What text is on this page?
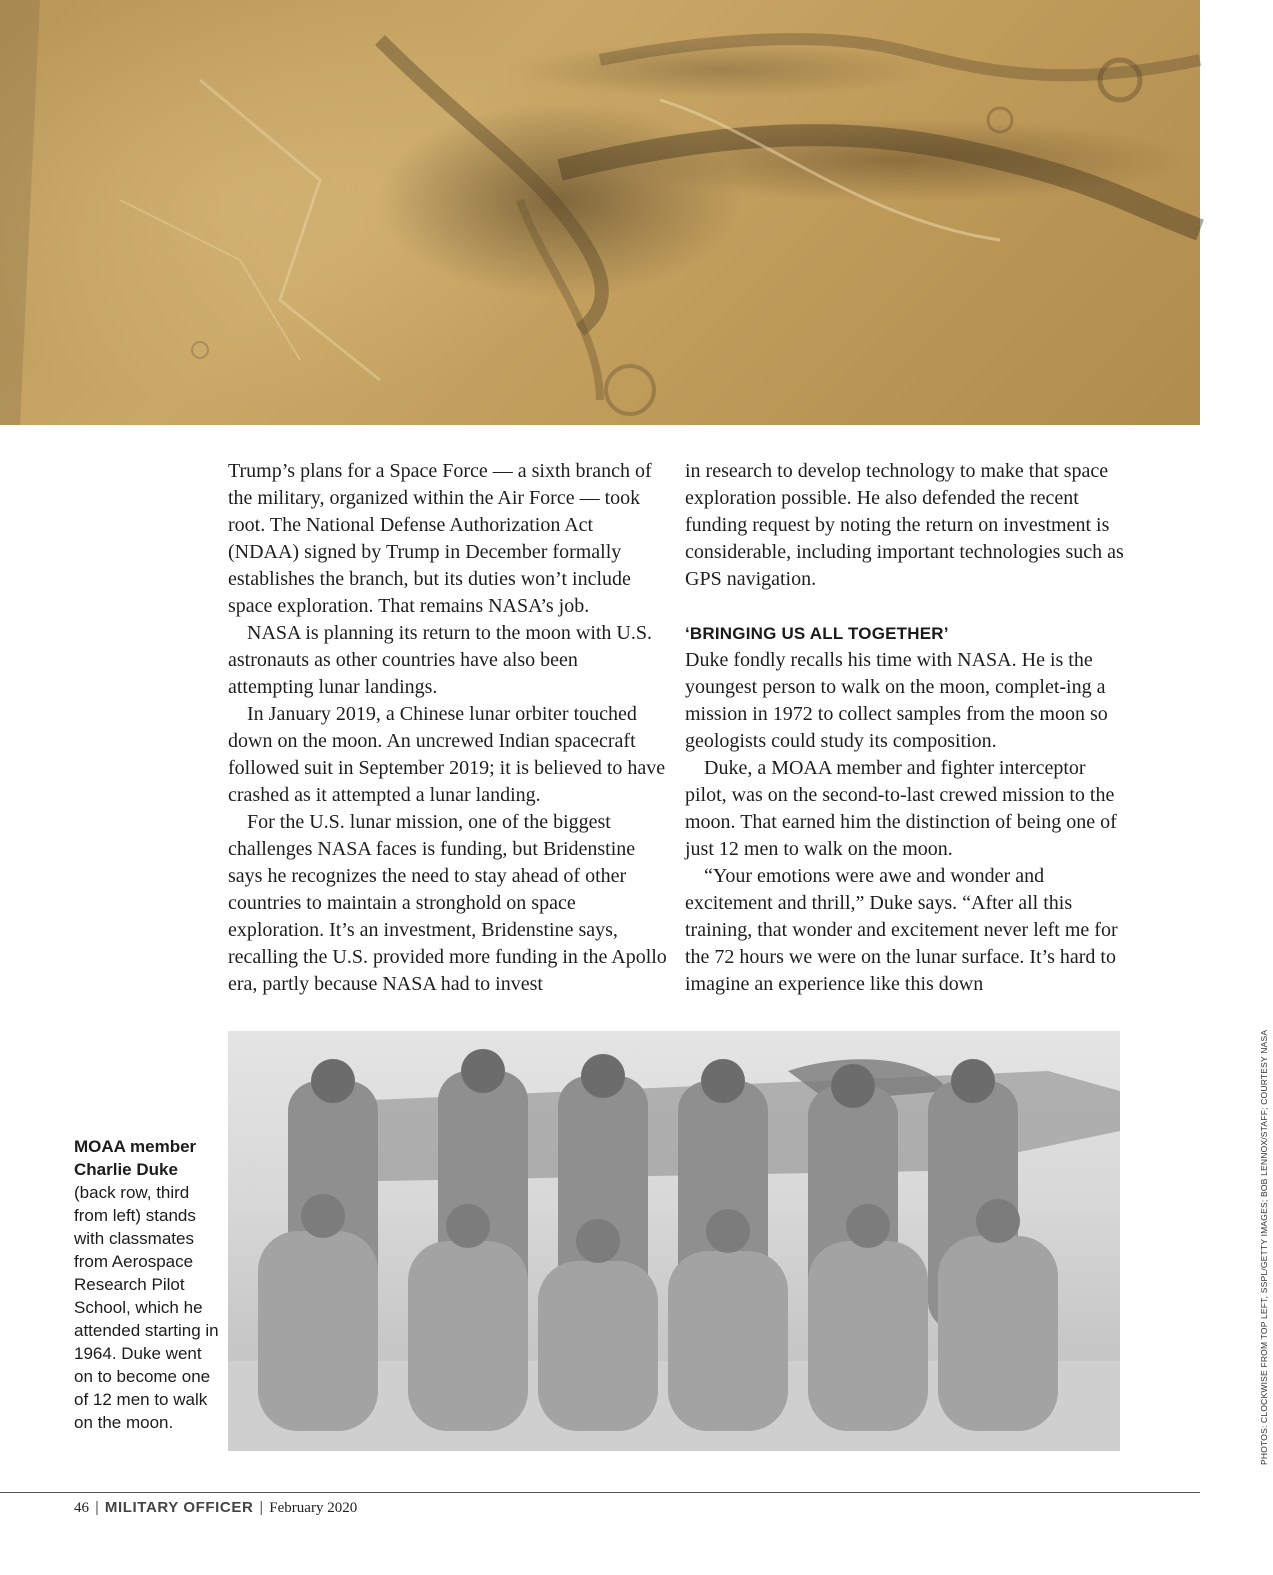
Trump’s plans for a Space Force — a sixth branch of the military, organized within the Air Force — took root. The National Defense Authorization Act (NDAA) signed by Trump in December formally establishes the branch, but its duties won’t include space exploration. That remains NASA’s job.

NASA is planning its return to the moon with U.S. astronauts as other countries have also been attempting lunar landings.

In January 2019, a Chinese lunar orbiter touched down on the moon. An uncrewed Indian spacecraft followed suit in September 2019; it is believed to have crashed as it attempted a lunar landing.

For the U.S. lunar mission, one of the biggest challenges NASA faces is funding, but Bridenstine says he recognizes the need to stay ahead of other countries to maintain a stronghold on space exploration. It’s an investment, Bridenstine says, recalling the U.S. provided more funding in the Apollo era, partly because NASA had to invest

in research to develop technology to make that space exploration possible. He also defended the recent funding request by noting the return on investment is considerable, including important technologies such as GPS navigation.

‘BRINGING US ALL TOGETHER’

Duke fondly recalls his time with NASA. He is the youngest person to walk on the moon, complet-ing a mission in 1972 to collect samples from the moon so geologists could study its composition.

Duke, a MOAA member and fighter interceptor pilot, was on the second-to-last crewed mission to the moon. That earned him the distinction of being one of just 12 men to walk on the moon.

“Your emotions were awe and wonder and excitement and thrill,” Duke says. “After all this training, that wonder and excitement never left me for the 72 hours we were on the lunar surface. It’s hard to imagine an experience like this down

MOAA member Charlie Duke (back row, third from left) stands with classmates from Aerospace Research Pilot School, which he attended starting in 1964. Duke went on to become one of 12 men to walk on the moon.	PHOTOS: CLOCKWISE FROM TOP LEFT, SSPL/GETTY IMAGES; BOB LENNOX/STAFF; COURTESY NASA
46 | MILITARY OFFICER | February 2020
